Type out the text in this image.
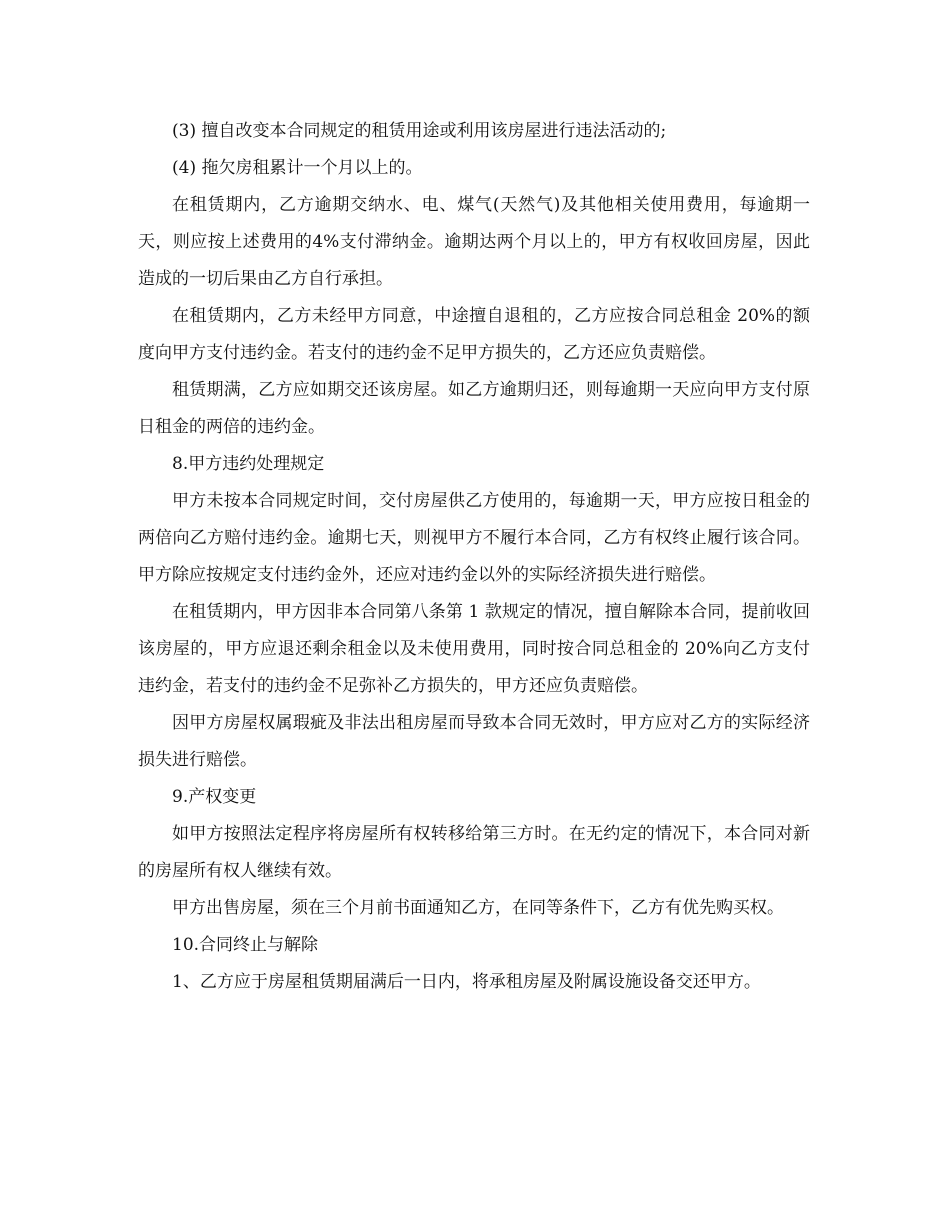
(3) 擅自改变本合同规定的租赁用途或利用该房屋进行违法活动的;

(4) 拖欠房租累计一个月以上的。

在租赁期内，乙方逾期交纳水、电、煤气(天然气)及其他相关使用费用，每逾期一天，则应按上述费用的4%支付滞纳金。逾期达两个月以上的，甲方有权收回房屋，因此造成的一切后果由乙方自行承担。

在租赁期内，乙方未经甲方同意，中途擅自退租的，乙方应按合同总租金 20%的额度向甲方支付违约金。若支付的违约金不足甲方损失的，乙方还应负责赔偿。

租赁期满，乙方应如期交还该房屋。如乙方逾期归还，则每逾期一天应向甲方支付原日租金的两倍的违约金。

8.甲方违约处理规定

甲方未按本合同规定时间，交付房屋供乙方使用的，每逾期一天，甲方应按日租金的两倍向乙方赔付违约金。逾期七天，则视甲方不履行本合同，乙方有权终止履行该合同。甲方除应按规定支付违约金外，还应对违约金以外的实际经济损失进行赔偿。

在租赁期内，甲方因非本合同第八条第 1 款规定的情况，擅自解除本合同，提前收回该房屋的，甲方应退还剩余租金以及未使用费用，同时按合同总租金的 20%向乙方支付违约金，若支付的违约金不足弥补乙方损失的，甲方还应负责赔偿。

因甲方房屋权属瑕疵及非法出租房屋而导致本合同无效时，甲方应对乙方的实际经济损失进行赔偿。

9.产权变更

如甲方按照法定程序将房屋所有权转移给第三方时。在无约定的情况下，本合同对新的房屋所有权人继续有效。

甲方出售房屋，须在三个月前书面通知乙方，在同等条件下，乙方有优先购买权。

10.合同终止与解除

1、乙方应于房屋租赁期届满后一日内，将承租房屋及附属设施设备交还甲方。
